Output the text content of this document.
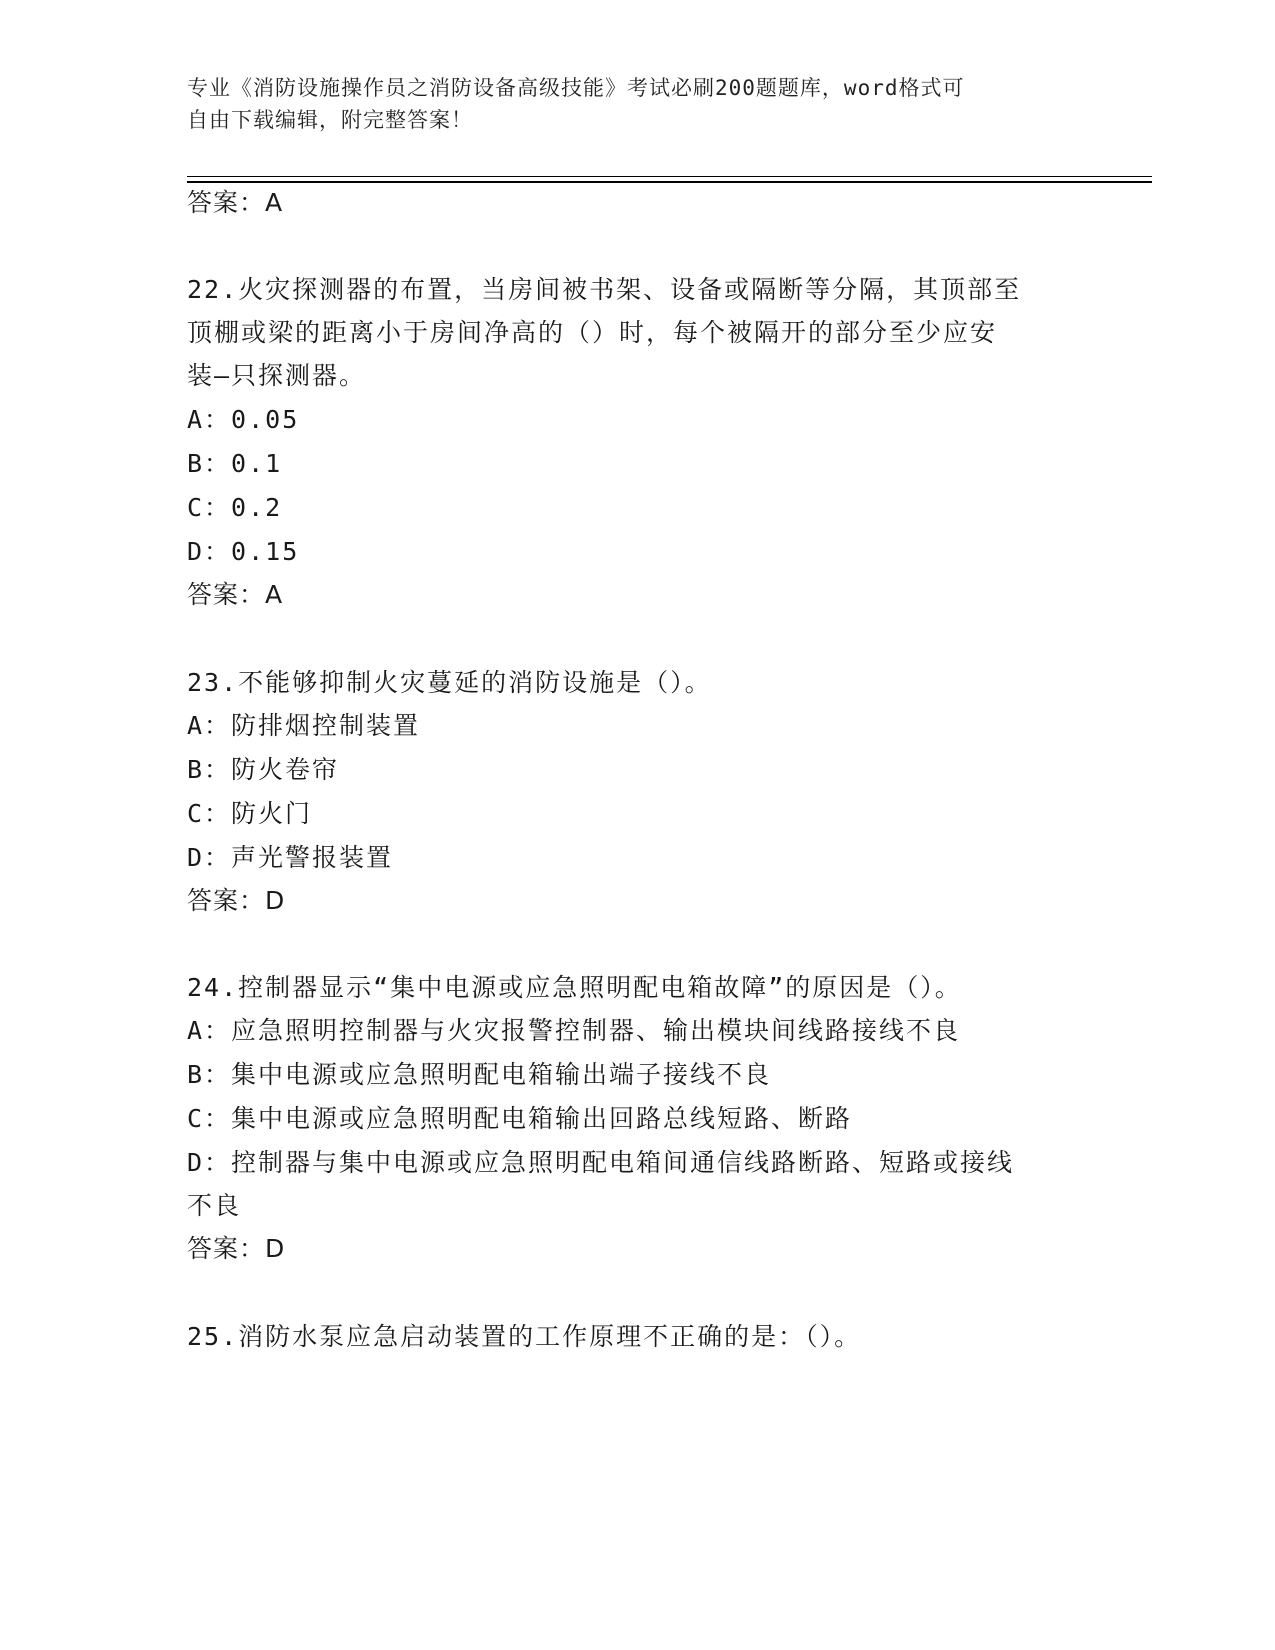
专业《消防设施操作员之消防设备高级技能》考试必刷200题题库，word格式可
自由下载编辑，附完整答案！
答案：A
22.火灾探测器的布置，当房间被书架、设备或隔断等分隔，其顶部至
顶棚或梁的距离小于房间净高的（）时，每个被隔开的部分至少应安
装—只探测器。
A：0.05
B：0.1
C：0.2
D：0.15
答案：A
23.不能够抑制火灾蔓延的消防设施是（）。
A：防排烟控制装置
B：防火卷帘
C：防火门
D：声光警报装置
答案：D
24.控制器显示“集中电源或应急照明配电箱故障”的原因是（）。
A：应急照明控制器与火灾报警控制器、输出模块间线路接线不良
B：集中电源或应急照明配电箱输出端子接线不良
C：集中电源或应急照明配电箱输出回路总线短路、断路
D：控制器与集中电源或应急照明配电箱间通信线路断路、短路或接线
不良
答案：D
25.消防水泵应急启动装置的工作原理不正确的是：（）。
